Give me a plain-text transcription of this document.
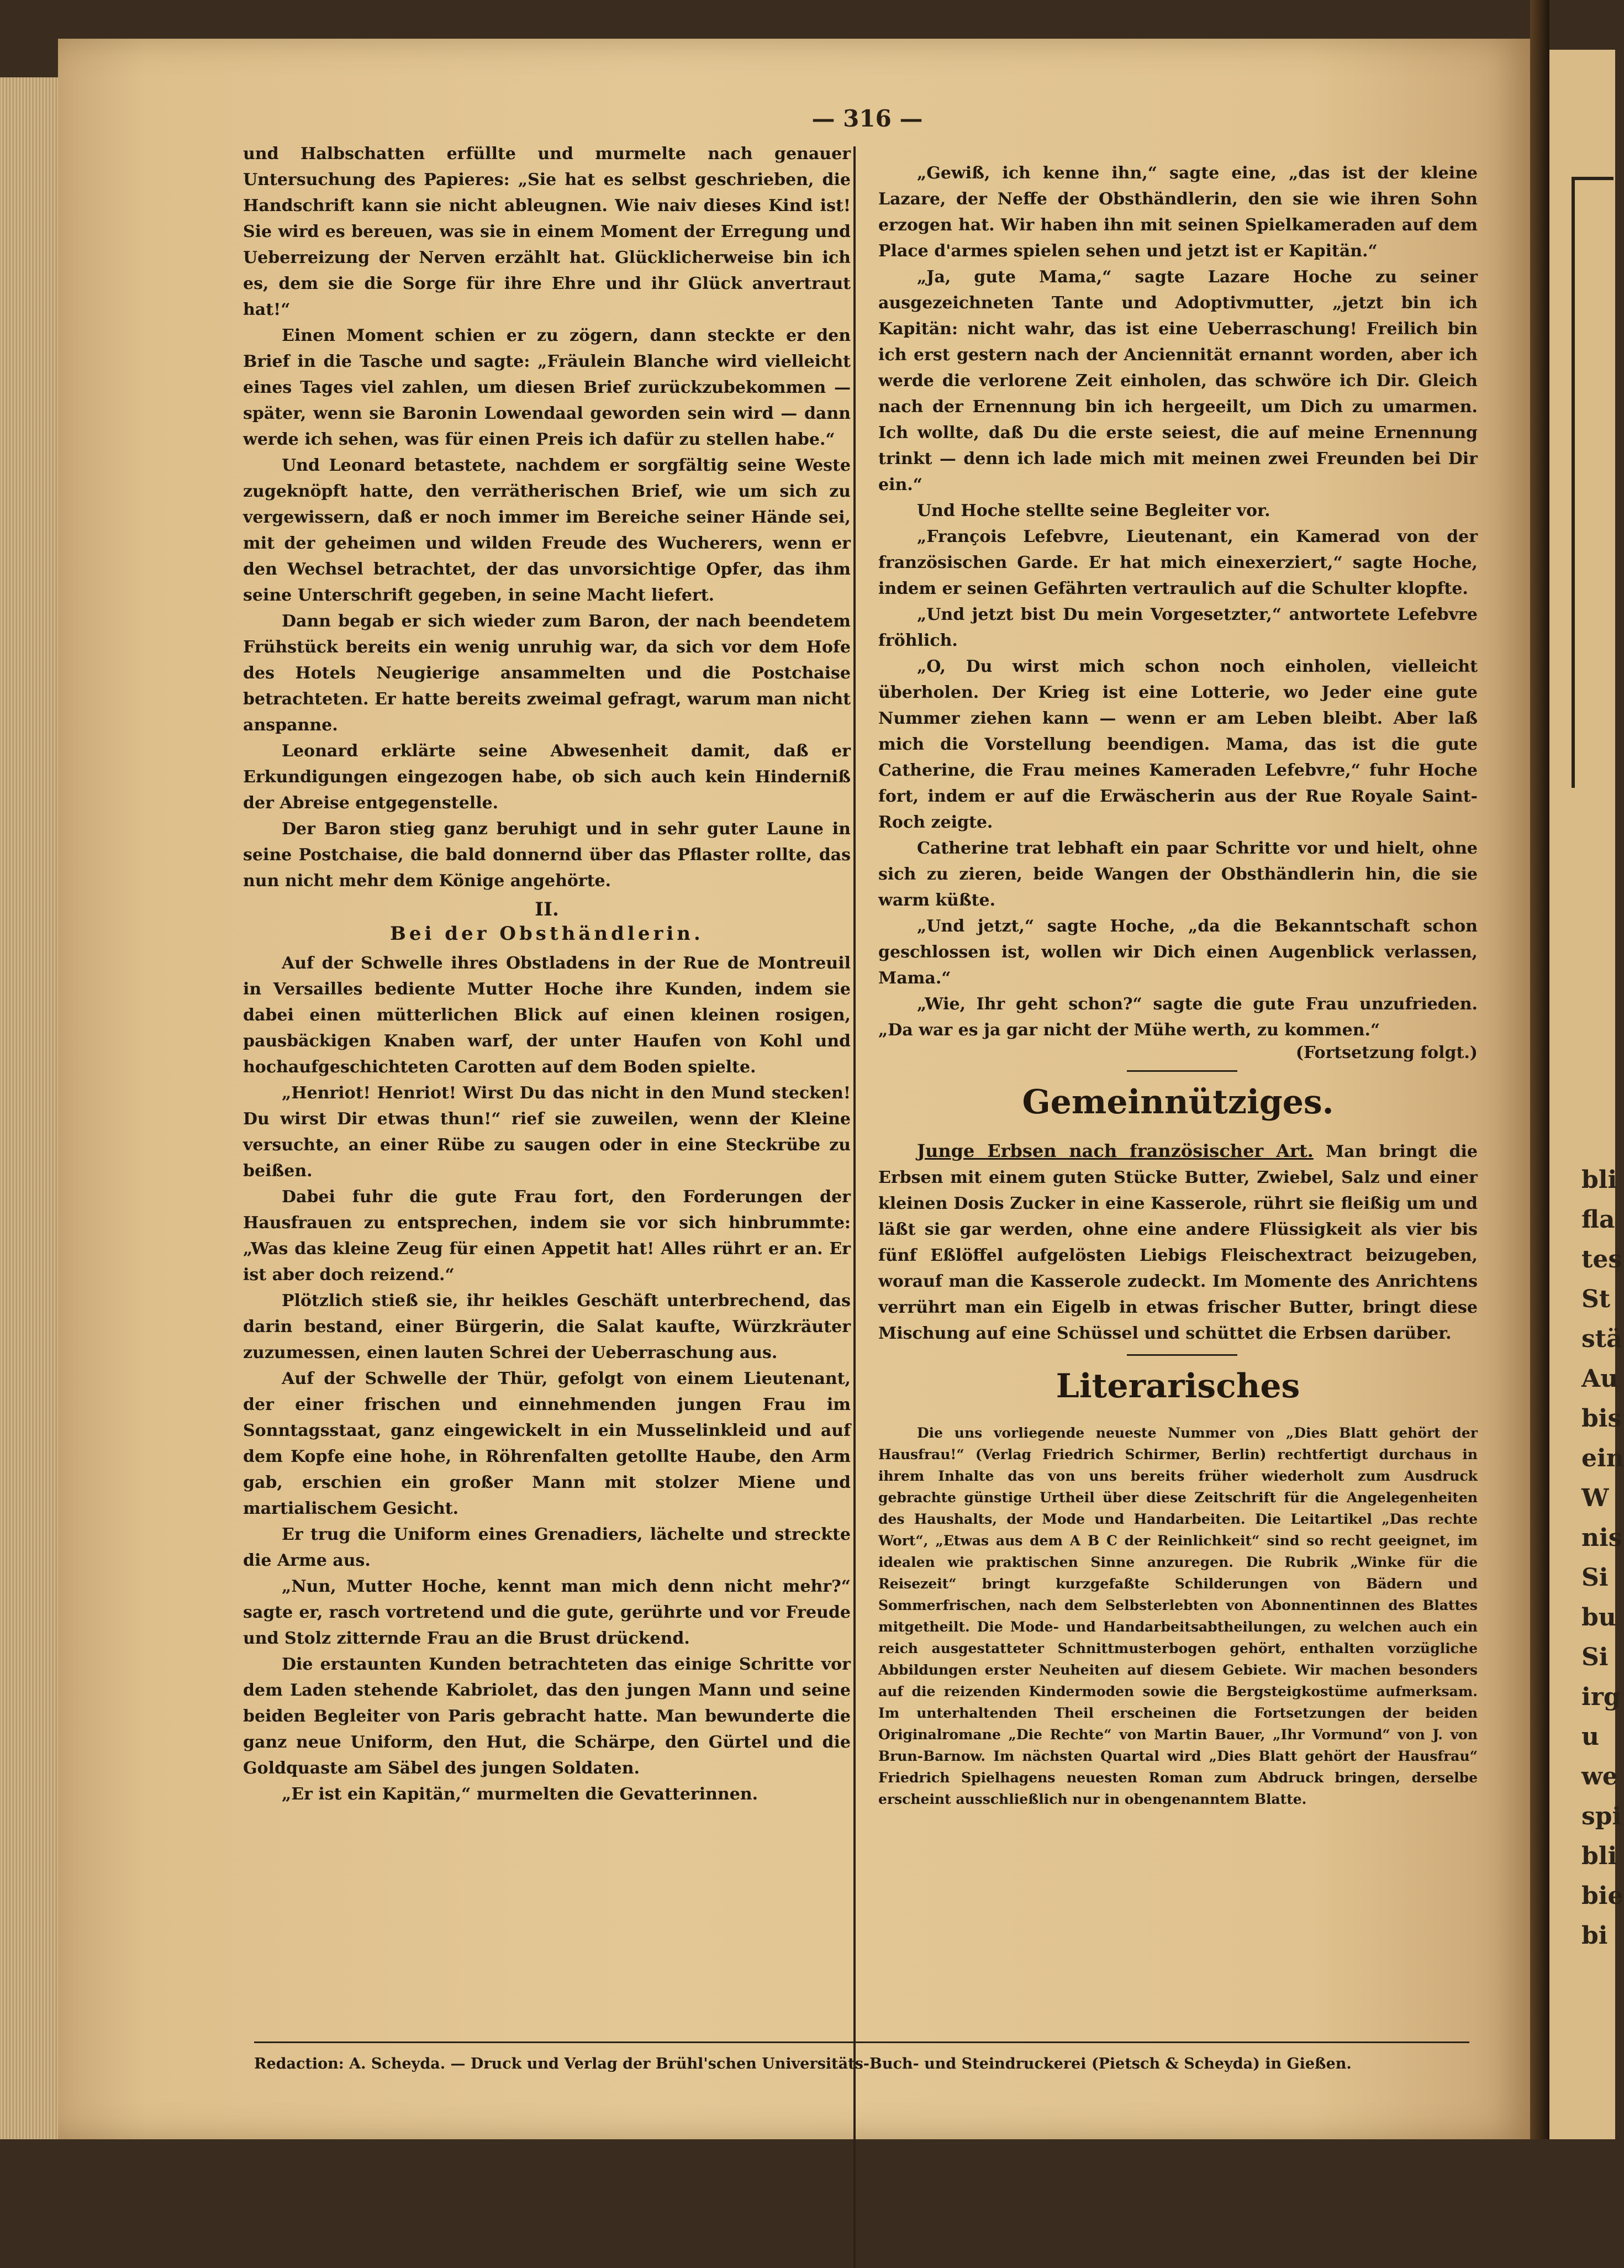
bli
fla
tes
St
stä
Au
bis
ein
W
nis
Si
bu
Si
irg
u
we
spi
bli
bie
bi
— 316 —

und Halbschatten erfüllte und murmelte nach genauer Untersuchung des Papieres: „Sie hat es selbst geschrieben, die Handschrift kann sie nicht ableugnen. Wie naiv dieses Kind ist! Sie wird es bereuen, was sie in einem Moment der Erregung und Ueberreizung der Nerven erzählt hat. Glücklicherweise bin ich es, dem sie die Sorge für ihre Ehre und ihr Glück anvertraut hat!“

Einen Moment schien er zu zögern, dann steckte er den Brief in die Tasche und sagte: „Fräulein Blanche wird vielleicht eines Tages viel zahlen, um diesen Brief zurückzubekommen — später, wenn sie Baronin Lowendaal geworden sein wird — dann werde ich sehen, was für einen Preis ich dafür zu stellen habe.“

Und Leonard betastete, nachdem er sorgfältig seine Weste zugeknöpft hatte, den verrätherischen Brief, wie um sich zu vergewissern, daß er noch immer im Bereiche seiner Hände sei, mit der geheimen und wilden Freude des Wucherers, wenn er den Wechsel betrachtet, der das unvorsichtige Opfer, das ihm seine Unterschrift gegeben, in seine Macht liefert.

Dann begab er sich wieder zum Baron, der nach beendetem Frühstück bereits ein wenig unruhig war, da sich vor dem Hofe des Hotels Neugierige ansammelten und die Postchaise betrachteten. Er hatte bereits zweimal gefragt, warum man nicht anspanne.

Leonard erklärte seine Abwesenheit damit, daß er Erkundigungen eingezogen habe, ob sich auch kein Hinderniß der Abreise entgegenstelle.

Der Baron stieg ganz beruhigt und in sehr guter Laune in seine Postchaise, die bald donnernd über das Pflaster rollte, das nun nicht mehr dem Könige angehörte.

II.
Bei der Obsthändlerin.

Auf der Schwelle ihres Obstladens in der Rue de Montreuil in Versailles bediente Mutter Hoche ihre Kunden, indem sie dabei einen mütterlichen Blick auf einen kleinen rosigen, pausbäckigen Knaben warf, der unter Haufen von Kohl und hochaufgeschichteten Carotten auf dem Boden spielte.

„Henriot! Henriot! Wirst Du das nicht in den Mund stecken! Du wirst Dir etwas thun!“ rief sie zuweilen, wenn der Kleine versuchte, an einer Rübe zu saugen oder in eine Steckrübe zu beißen.

Dabei fuhr die gute Frau fort, den Forderungen der Hausfrauen zu entsprechen, indem sie vor sich hinbrummte: „Was das kleine Zeug für einen Appetit hat! Alles rührt er an. Er ist aber doch reizend.“

Plötzlich stieß sie, ihr heikles Geschäft unterbrechend, das darin bestand, einer Bürgerin, die Salat kaufte, Würzkräuter zuzumessen, einen lauten Schrei der Ueberraschung aus.

Auf der Schwelle der Thür, gefolgt von einem Lieutenant, der einer frischen und einnehmenden jungen Frau im Sonntagsstaat, ganz eingewickelt in ein Musselinkleid und auf dem Kopfe eine hohe, in Röhrenfalten getollte Haube, den Arm gab, erschien ein großer Mann mit stolzer Miene und martialischem Gesicht.

Er trug die Uniform eines Grenadiers, lächelte und streckte die Arme aus.

„Nun, Mutter Hoche, kennt man mich denn nicht mehr?“ sagte er, rasch vortretend und die gute, gerührte und vor Freude und Stolz zitternde Frau an die Brust drückend.

Die erstaunten Kunden betrachteten das einige Schritte vor dem Laden stehende Kabriolet, das den jungen Mann und seine beiden Begleiter von Paris gebracht hatte. Man bewunderte die ganz neue Uniform, den Hut, die Schärpe, den Gürtel und die Goldquaste am Säbel des jungen Soldaten.

„Er ist ein Kapitän,“ murmelten die Gevatterinnen.

„Gewiß, ich kenne ihn,“ sagte eine, „das ist der kleine Lazare, der Neffe der Obsthändlerin, den sie wie ihren Sohn erzogen hat. Wir haben ihn mit seinen Spielkameraden auf dem Place d'armes spielen sehen und jetzt ist er Kapitän.“

„Ja, gute Mama,“ sagte Lazare Hoche zu seiner ausgezeichneten Tante und Adoptivmutter, „jetzt bin ich Kapitän: nicht wahr, das ist eine Ueberraschung! Freilich bin ich erst gestern nach der Anciennität ernannt worden, aber ich werde die verlorene Zeit einholen, das schwöre ich Dir. Gleich nach der Ernennung bin ich hergeeilt, um Dich zu umarmen. Ich wollte, daß Du die erste seiest, die auf meine Ernennung trinkt — denn ich lade mich mit meinen zwei Freunden bei Dir ein.“

Und Hoche stellte seine Begleiter vor.

„François Lefebvre, Lieutenant, ein Kamerad von der französischen Garde. Er hat mich einexerziert,“ sagte Hoche, indem er seinen Gefährten vertraulich auf die Schulter klopfte.

„Und jetzt bist Du mein Vorgesetzter,“ antwortete Lefebvre fröhlich.

„O, Du wirst mich schon noch einholen, vielleicht überholen. Der Krieg ist eine Lotterie, wo Jeder eine gute Nummer ziehen kann — wenn er am Leben bleibt. Aber laß mich die Vorstellung beendigen. Mama, das ist die gute Catherine, die Frau meines Kameraden Lefebvre,“ fuhr Hoche fort, indem er auf die Erwäscherin aus der Rue Royale Saint-Roch zeigte.

Catherine trat lebhaft ein paar Schritte vor und hielt, ohne sich zu zieren, beide Wangen der Obsthändlerin hin, die sie warm küßte.

„Und jetzt,“ sagte Hoche, „da die Bekanntschaft schon geschlossen ist, wollen wir Dich einen Augenblick verlassen, Mama.“

„Wie, Ihr geht schon?“ sagte die gute Frau unzufrieden. „Da war es ja gar nicht der Mühe werth, zu kommen.“

(Fortsetzung folgt.)
Gemeinnütziges.

Junge Erbsen nach französischer Art. Man bringt die Erbsen mit einem guten Stücke Butter, Zwiebel, Salz und einer kleinen Dosis Zucker in eine Kasserole, rührt sie fleißig um und läßt sie gar werden, ohne eine andere Flüssigkeit als vier bis fünf Eßlöffel aufgelösten Liebigs Fleischextract beizugeben, worauf man die Kasserole zudeckt. Im Momente des Anrichtens verrührt man ein Eigelb in etwas frischer Butter, bringt diese Mischung auf eine Schüssel und schüttet die Erbsen darüber.

Literarisches

Die uns vorliegende neueste Nummer von „Dies Blatt gehört der Hausfrau!“ (Verlag Friedrich Schirmer, Berlin) rechtfertigt durchaus in ihrem Inhalte das von uns bereits früher wiederholt zum Ausdruck gebrachte günstige Urtheil über diese Zeitschrift für die Angelegenheiten des Haushalts, der Mode und Handarbeiten. Die Leitartikel „Das rechte Wort“, „Etwas aus dem A B C der Reinlichkeit“ sind so recht geeignet, im idealen wie praktischen Sinne anzuregen. Die Rubrik „Winke für die Reisezeit“ bringt kurzgefaßte Schilderungen von Bädern und Sommerfrischen, nach dem Selbsterlebten von Abonnentinnen des Blattes mitgetheilt. Die Mode- und Handarbeitsabtheilungen, zu welchen auch ein reich ausgestatteter Schnittmusterbogen gehört, enthalten vorzügliche Abbildungen erster Neuheiten auf diesem Gebiete. Wir machen besonders auf die reizenden Kindermoden sowie die Bergsteigkostüme aufmerksam. Im unterhaltenden Theil erscheinen die Fortsetzungen der beiden Originalromane „Die Rechte“ von Martin Bauer, „Ihr Vormund“ von J. von Brun-Barnow. Im nächsten Quartal wird „Dies Blatt gehört der Hausfrau“ Friedrich Spielhagens neuesten Roman zum Abdruck bringen, derselbe erscheint ausschließlich nur in obengenanntem Blatte.

Redaction: A. Scheyda. — Druck und Verlag der Brühl'schen Universitäts-Buch- und Steindruckerei (Pietsch & Scheyda) in Gießen.
